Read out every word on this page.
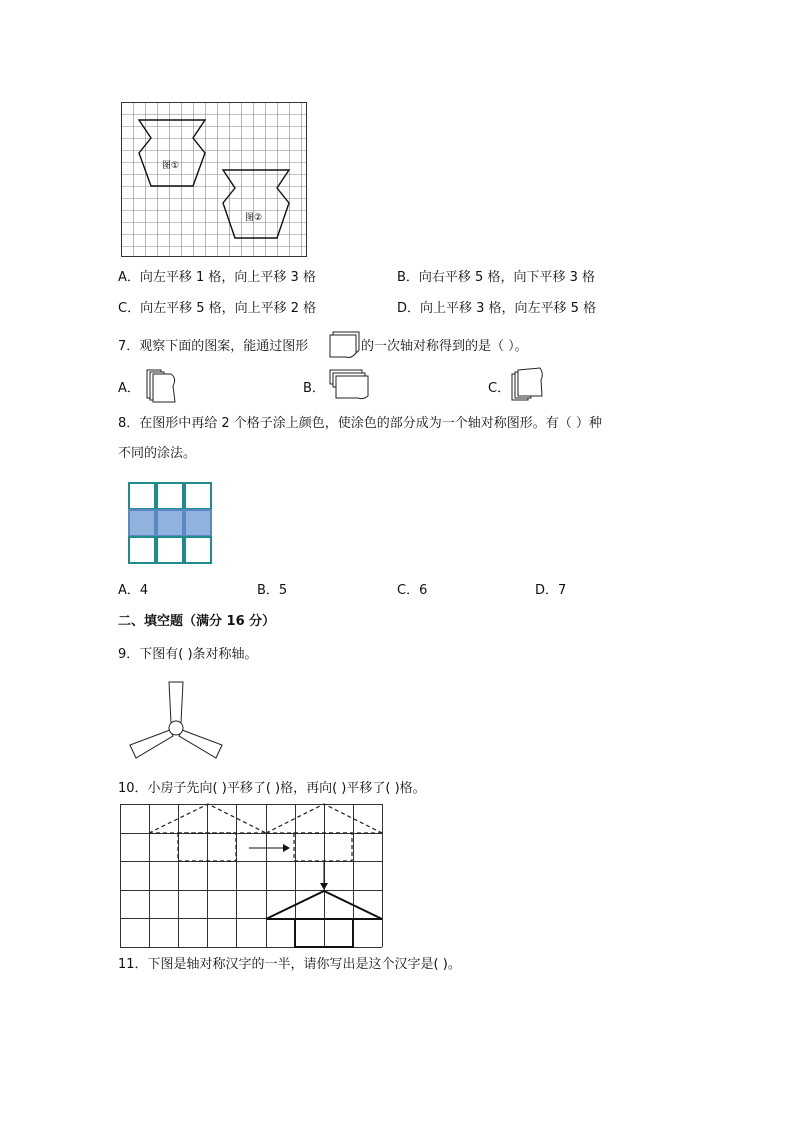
图①
图②
A．向左平移 1 格，向上平移 3 格	B．向右平移 5 格，向下平移 3 格
C．向左平移 5 格，向上平移 2 格	D．向上平移 3 格，向左平移 5 格
7．观察下面的图案，能通过图形	的一次轴对称得到的是（ ）。
A．	B．	C．
8．在图形中再给 2 个格子涂上颜色，使涂色的部分成为一个轴对称图形。有（ ）种
不同的涂法。
A．4	B．5	C．6	D．7
二、填空题（满分 16 分）
9．下图有( )条对称轴。
10．小房子先向( )平移了( )格，再向( )平移了( )格。
11．下图是轴对称汉字的一半，请你写出是这个汉字是( )。
